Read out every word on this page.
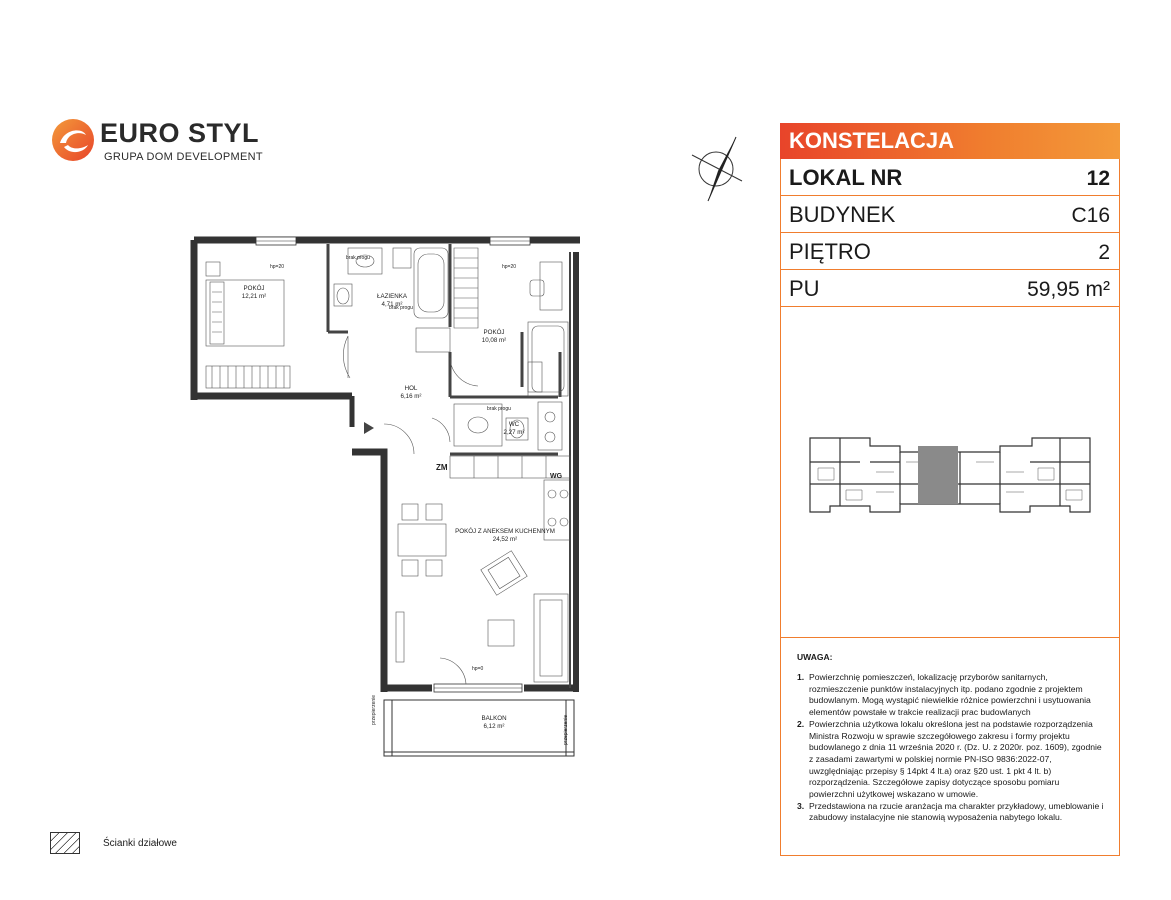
EURO STYL
GRUPA DOM DEVELOPMENT
ZM
WG
POKÓJ
12,21 m²	ŁAZIENKA
4,71 m²
POKÓJ
10,08 m²
HOL
6,16 m²
WC
2,27 m²
POKÓJ Z ANEKSEM KUCHENNYM
24,52 m²
BALKON
6,12 m²
hp=20	hp=20
hp=0
brak progu
brak progu
brak progu
przepierzenie
przepierzenie
KONSTELACJA
LOKAL NR	12
BUDYNEK	C16
PIĘTRO	2
PU	59,95 m²
UWAGA:
1. Powierzchnię pomieszczeń, lokalizację przyborów sanitarnych, rozmieszczenie punktów instalacyjnych itp. podano zgodnie z projektem budowlanym. Mogą wystąpić niewielkie różnice powierzchni i usytuowania elementów powstałe w trakcie realizacji prac budowlanych
2. Powierzchnia użytkowa lokalu określona jest na podstawie rozporządzenia Ministra Rozwoju w sprawie szczegółowego zakresu i formy projektu budowlanego z dnia 11 września 2020 r. (Dz. U. z 2020r. poz. 1609), zgodnie z zasadami zawartymi w polskiej normie PN-ISO 9836:2022-07, uwzględniając przepisy § 14pkt 4 lt.a) oraz §20 ust. 1 pkt 4 lt. b) rozporządzenia. Szczegółowe zapisy dotyczące sposobu pomiaru powierzchni użytkowej wskazano w umowie.
3. Przedstawiona na rzucie aranżacja ma charakter przykładowy, umeblowanie i zabudowy instalacyjne nie stanowią wyposażenia nabytego lokalu.
Ścianki działowe
